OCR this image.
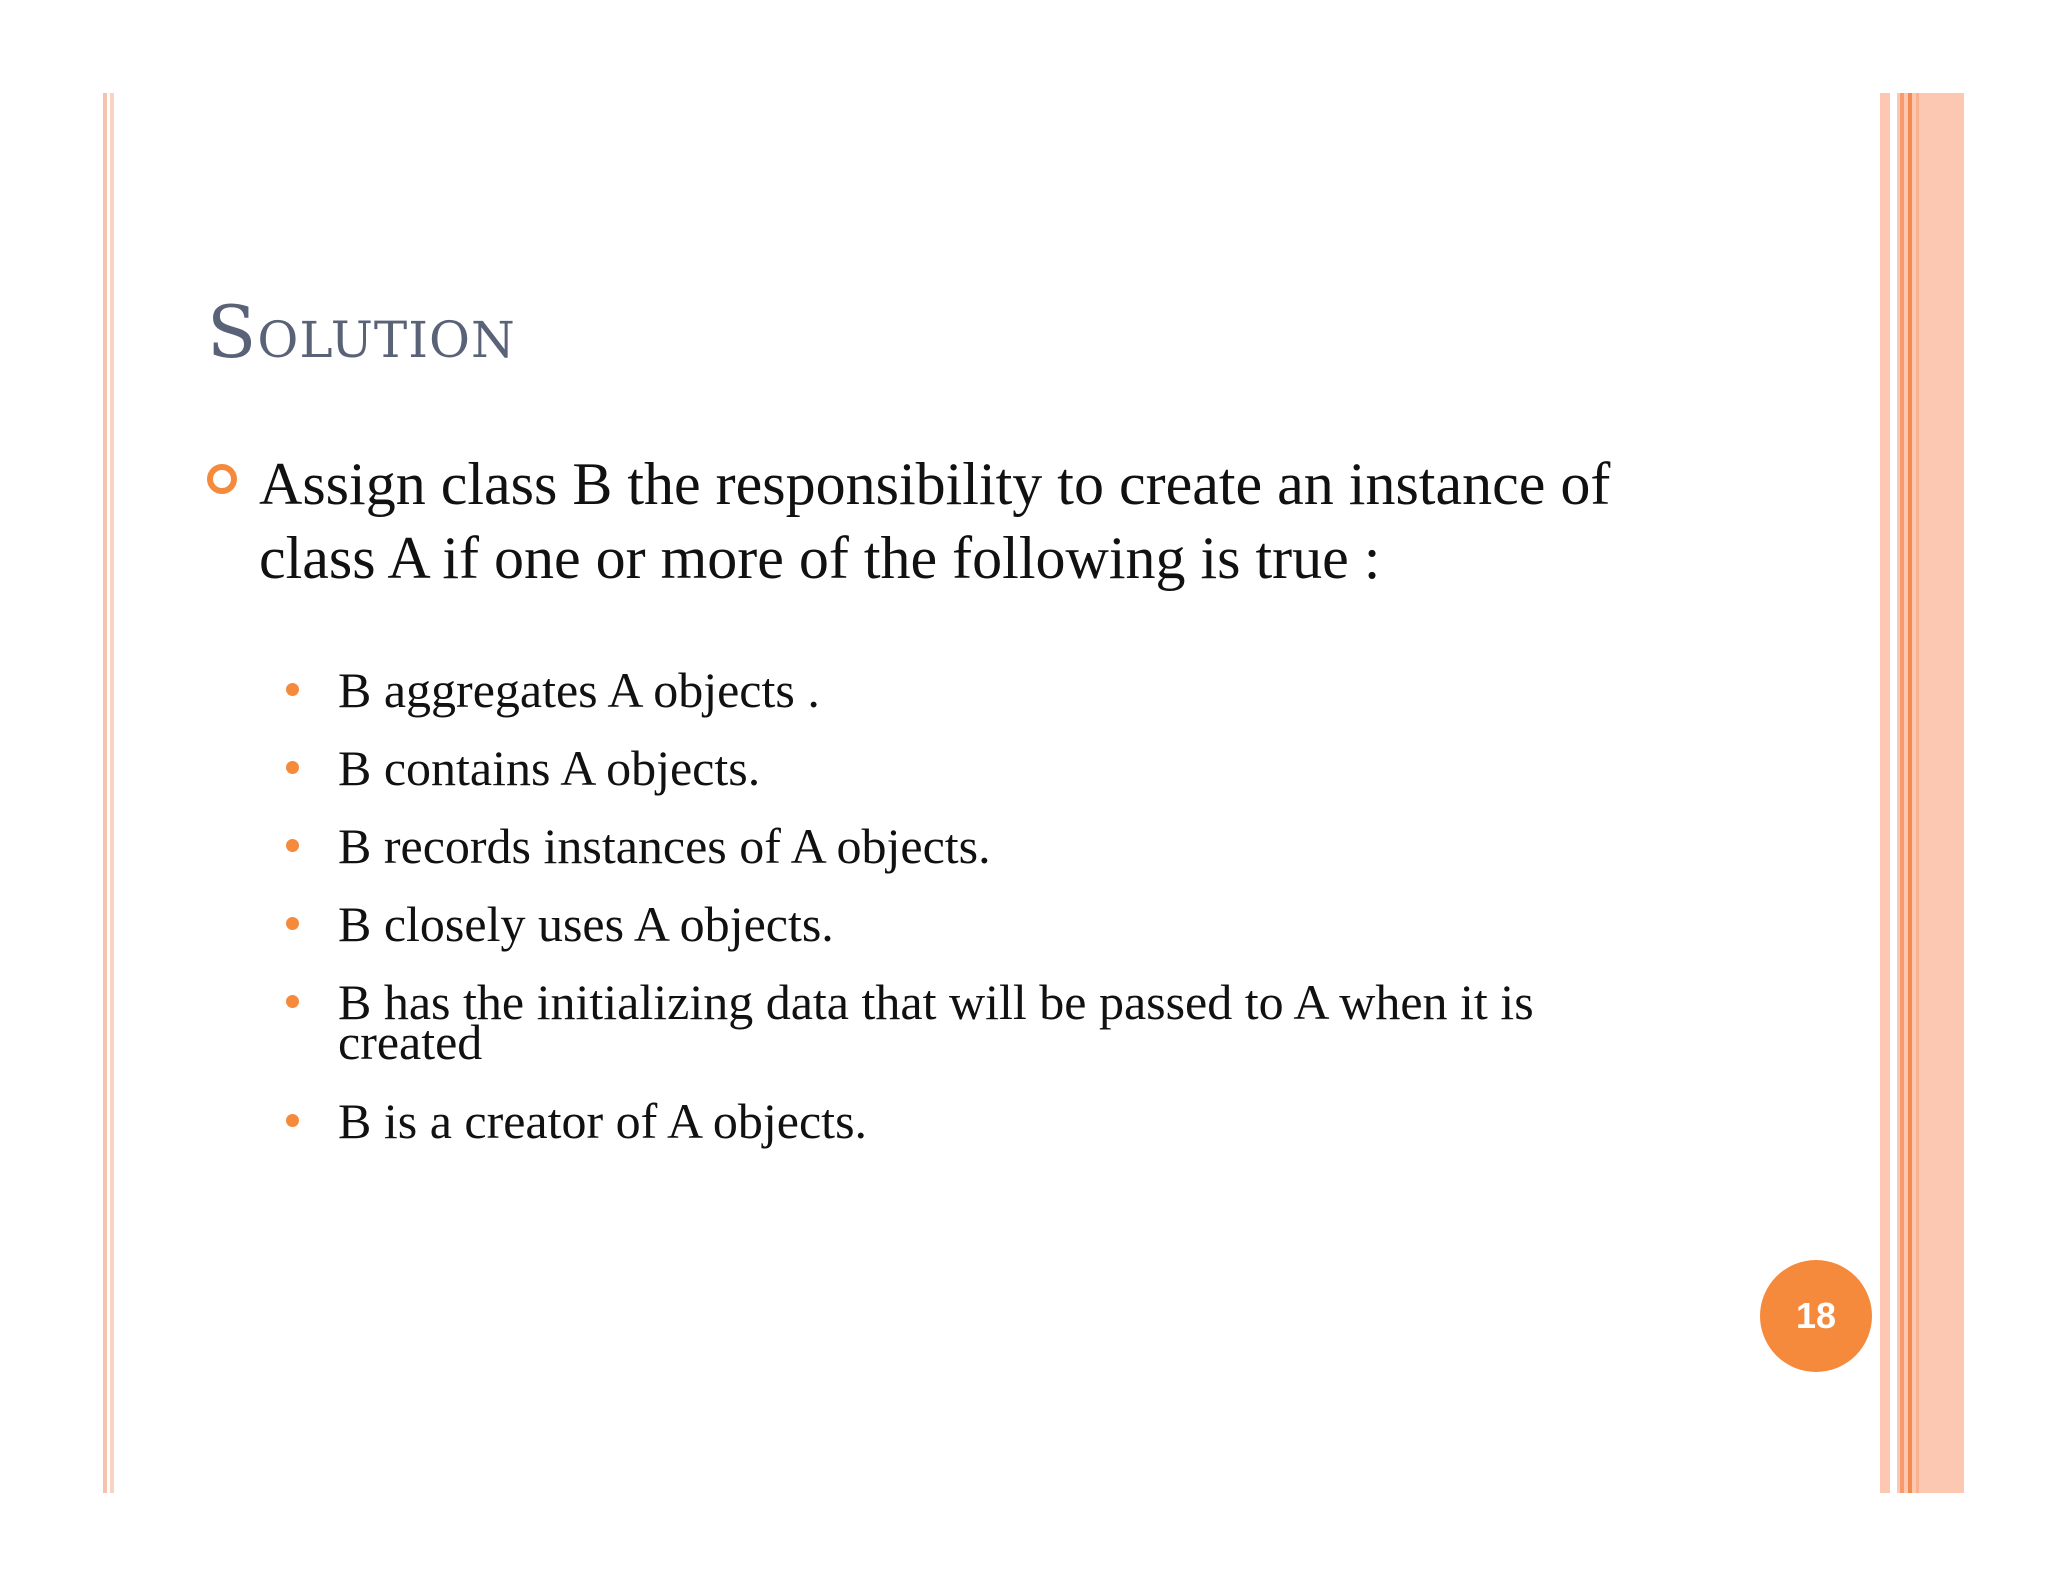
Solution
Assign class B the responsibility to create an instance of class A if one or more of the following is true :
B aggregates A objects .
B contains A objects.
B records instances of A objects.
B closely uses A objects.
B has the initializing data that will be passed to A when it is created
B is a creator of A objects.
18
